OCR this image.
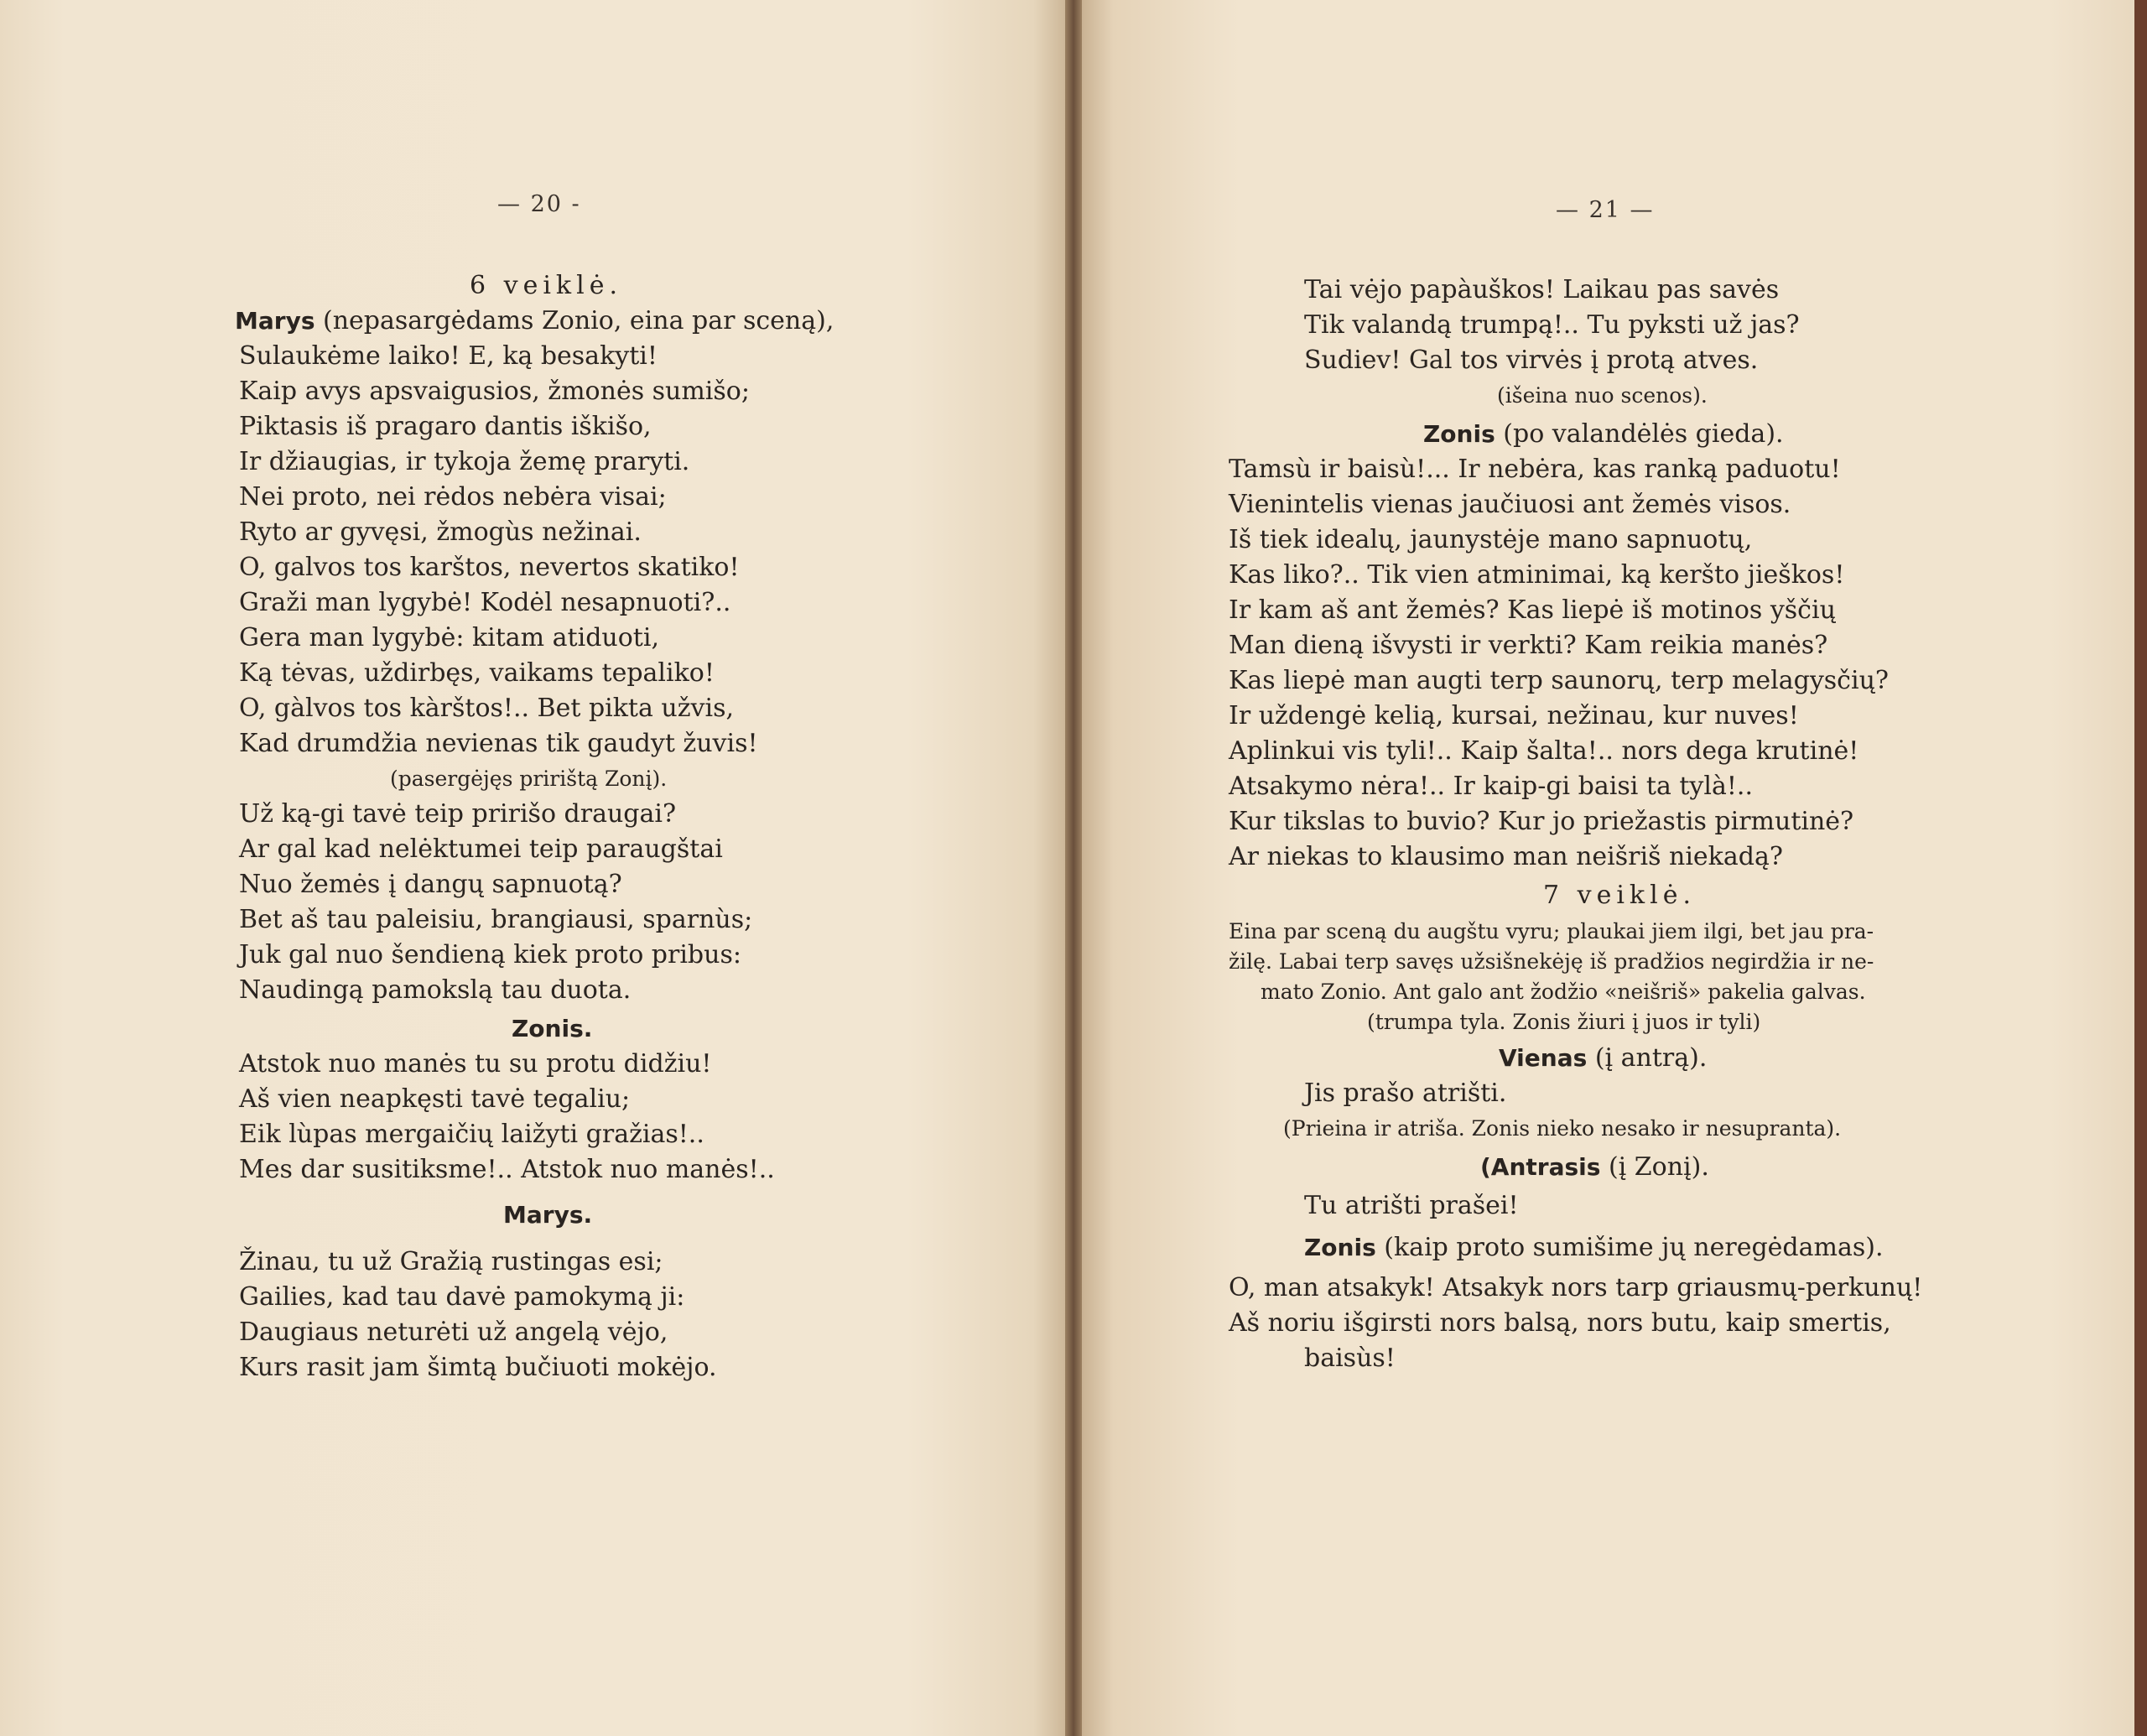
— 20 -
6 veiklė.
Marys (nepasargėdams Zonio, eina par sceną),
Sulaukėme laiko! E, ką besakyti!
Kaip avys apsvaigusios, žmonės sumišo;
Piktasis iš pragaro dantis iškišo,
Ir džiaugias, ir tykoja žemę praryti.
Nei proto, nei rėdos nebėra visai;
Ryto ar gyvęsi, žmogùs nežinai.
O, galvos tos karštos, nevertos skatiko!
Graži man lygybė! Kodėl nesapnuoti?..
Gera man lygybė: kitam atiduoti,
Ką tėvas, uždirbęs, vaikams tepaliko!
O, gàlvos tos kàrštos!.. Bet pikta užvis,
Kad drumdžia nevienas tik gaudyt žuvis!
(pasergėjęs pririštą Zonį).
Už ką-gi tavė teip pririšo draugai?
Ar gal kad nelėktumei teip paraugštai
Nuo žemės į dangų sapnuotą?
Bet aš tau paleisiu, brangiausi, sparnùs;
Juk gal nuo šendieną kiek proto pribus:
Naudingą pamokslą tau duota.
Zonis.
Atstok nuo manės tu su protu didžiu!
Aš vien neapkęsti tavė tegaliu;
Eik lùpas mergaičių laižyti gražias!..
Mes dar susitiksme!.. Atstok nuo manės!..
Marys.
Žinau, tu už Gražią rustingas esi;
Gailies, kad tau davė pamokymą ji:
Daugiaus neturėti už angelą vėjo,
Kurs rasit jam šimtą bučiuoti mokėjo.
— 21 —
Tai vėjo papàuškos! Laikau pas savės
Tik valandą trumpą!.. Tu pyksti už jas?
Sudiev! Gal tos virvės į protą atves.
(išeina nuo scenos).
Zonis (po valandėlės gieda).
Tamsù ir baisù!... Ir nebėra, kas ranką paduotu!
Vienintelis vienas jaučiuosi ant žemės visos.
Iš tiek idealų, jaunystėje mano sapnuotų,
Kas liko?.. Tik vien atminimai, ką keršto jieškos!
Ir kam aš ant žemės? Kas liepė iš motinos yščių
Man dieną išvysti ir verkti? Kam reikia manės?
Kas liepė man augti terp saunorų, terp melagysčių?
Ir uždengė kelią, kursai, nežinau, kur nuves!
Aplinkui vis tyli!.. Kaip šalta!.. nors dega krutinė!
Atsakymo nėra!.. Ir kaip-gi baisi ta tylà!..
Kur tikslas to buvio? Kur jo priežastis pirmutinė?
Ar niekas to klausimo man neišriš niekadą?
7 veiklė.
Eina par sceną du augštu vyru; plaukai jiem ilgi, bet jau pra-
žilę. Labai terp savęs užsišnekėję iš pradžios negirdžia ir ne-
mato Zonio. Ant galo ant žodžio «neišriš» pakelia galvas.
(trumpa tyla. Zonis žiuri į juos ir tyli)
Vienas (į antrą).
Jis prašo atrišti.
(Prieina ir atriša. Zonis nieko nesako ir nesupranta).
(Antrasis (į Zonį).
Tu atrišti prašei!
Zonis (kaip proto sumišime jų neregėdamas).
O, man atsakyk! Atsakyk nors tarp griausmų-perkunų!
Aš noriu išgirsti nors balsą, nors butu, kaip smertis,
baisùs!
